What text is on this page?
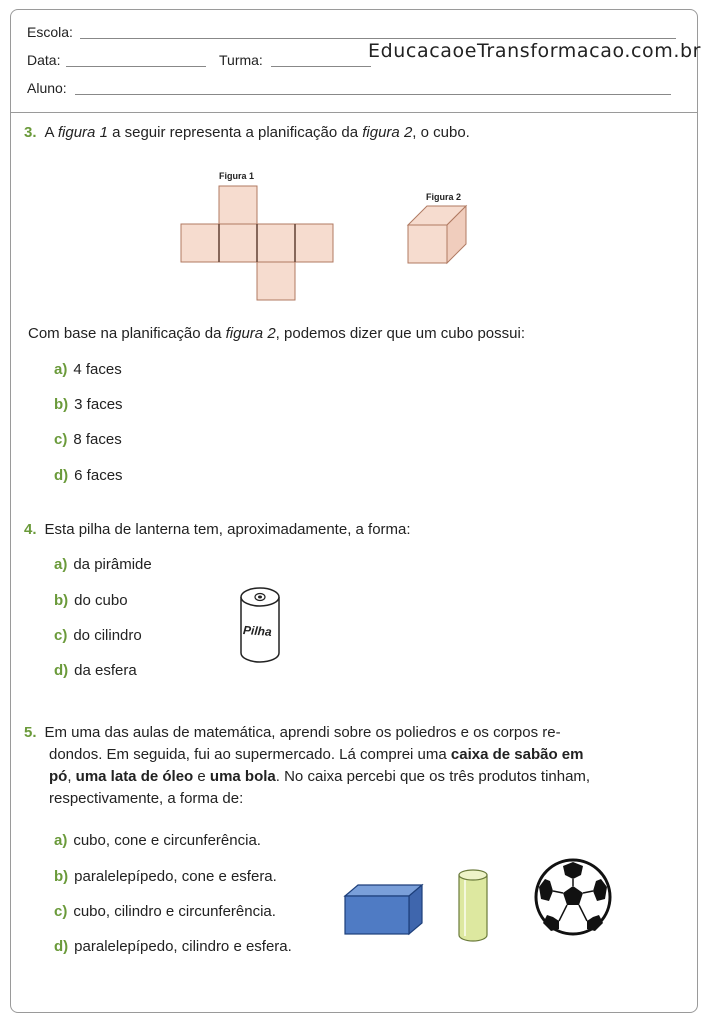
Escola:
Data:	Turma:	EducacaoeTransformacao.com.br
Aluno:
3. A figura 1 a seguir representa a planificação da figura 2, o cubo.
Figura 1
Figura 2
Com base na planificação da figura 2, podemos dizer que um cubo possui:
a) 4 faces
b) 3 faces
c) 8 faces
d) 6 faces
4. Esta pilha de lanterna tem, aproximadamente, a forma:
a) da pirâmide
b) do cubo
c) do cilindro
d) da esfera
Pilha
5. Em uma das aulas de matemática, aprendi sobre os poliedros e os corpos re-
dondos. Em seguida, fui ao supermercado. Lá comprei uma caixa de sabão em
pó, uma lata de óleo e uma bola. No caixa percebi que os três produtos tinham,
respectivamente, a forma de:
a) cubo, cone e circunferência.
b) paralelepípedo, cone e esfera.
c) cubo, cilindro e circunferência.
d) paralelepípedo, cilindro e esfera.
